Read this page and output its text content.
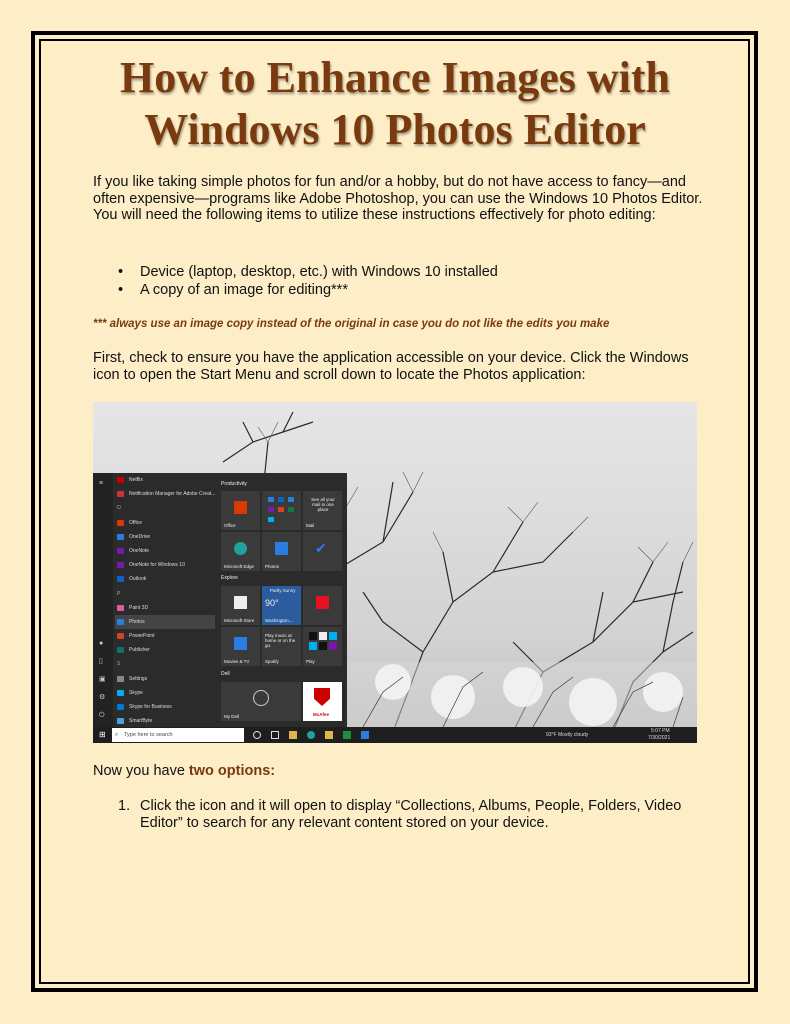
How to Enhance Images with Windows 10 Photos Editor

If you like taking simple photos for fun and/or a hobby, but do not have access to fancy—and often expensive—programs like Adobe Photoshop, you can use the Windows 10 Photos Editor. You will need the following items to utilize these instructions effectively for photo editing:

• Device (laptop, desktop, etc.) with Windows 10 installed
• A copy of an image for editing***

*** always use an image copy instead of the original in case you do not like the edits you make

First, check to ensure you have the application accessible on your device. Click the Windows icon to open the Start Menu and scroll down to locate the Photos application:

≡
●
▯
▣
⚙
⏻
Netflix
Notification Manager for Adobe Creat...
O
Office
OneDrive
OneNote
OneNote for Windows 10
Outlook
P
Paint 3D
Photos
PowerPoint
Publisher
S
Settings
Skype
Skype for Business
SmartByte
Productivity
Office
See all your mail in one place
Mail
Microsoft Edge Photos
✔
Explore
Microsoft Store
Partly Sunny
90°
Washington,...
Movies & TV
Play music at home or on the go.
Spotify	Play
Dell
My Dell	McAfee
⊞ ⌕ Type here to search	93°F Mostly cloudy
5:07 PM
7/30/2021

Now you have two options:

1. Click the icon and it will open to display “Collections, Albums, People, Folders, Video Editor” to search for any relevant content stored on your device.
